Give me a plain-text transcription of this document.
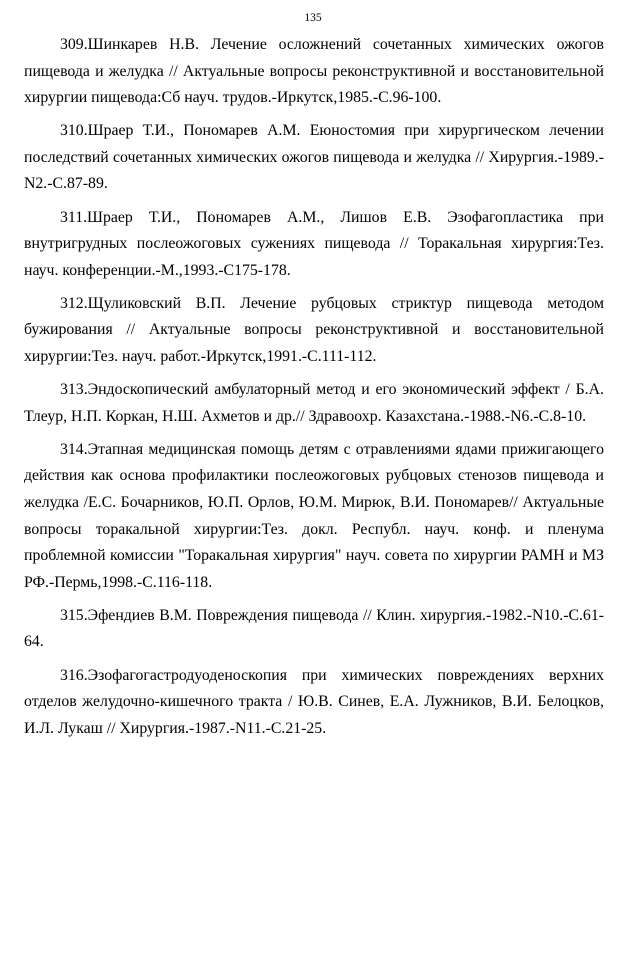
135
309.Шинкарев Н.В. Лечение осложнений сочетанных химических ожогов пищевода и желудка // Актуальные вопросы реконструктивной и восстановительной хирургии пищевода:Сб науч. трудов.-Иркутск,1985.-С.96-100.
310.Шраер Т.И., Пономарев А.М. Еюностомия при хирургическом лечении последствий сочетанных химических ожогов пищевода и желудка // Хирургия.-1989.-N2.-С.87-89.
311.Шраер Т.И., Пономарев А.М., Лишов Е.В. Эзофагопластика при внутригрудных послеожоговых сужениях пищевода // Торакальная хирургия:Тез. науч. конференции.-М.,1993.-С175-178.
312.Щуликовский В.П. Лечение рубцовых стриктур пищевода методом бужирования // Актуальные вопросы реконструктивной и восстановительной хирургии:Тез. науч. работ.-Иркутск,1991.-С.111-112.
313.Эндоскопический амбулаторный метод и его экономический эффект / Б.А. Тлеур, Н.П. Коркан, Н.Ш. Ахметов и др.// Здравоохр. Казахстана.-1988.-N6.-С.8-10.
314.Этапная медицинская помощь детям с отравлениями ядами прижигающего действия как основа профилактики послеожоговых рубцовых стенозов пищевода и желудка /Е.С. Бочарников, Ю.П. Орлов, Ю.М. Мирюк, В.И. Пономарев// Актуальные вопросы торакальной хирургии:Тез. докл. Республ. науч. конф. и пленума проблемной комиссии "Торакальная хирургия" науч. совета по хирургии РАМН и МЗ РФ.-Пермь,1998.-С.116-118.
315.Эфендиев В.М. Повреждения пищевода // Клин. хирургия.-1982.-N10.-С.61-64.
316.Эзофагогастродуоденоскопия при химических повреждениях верхних отделов желудочно-кишечного тракта / Ю.В. Синев, Е.А. Лужников, В.И. Белоцков, И.Л. Лукаш // Хирургия.-1987.-N11.-С.21-25.
